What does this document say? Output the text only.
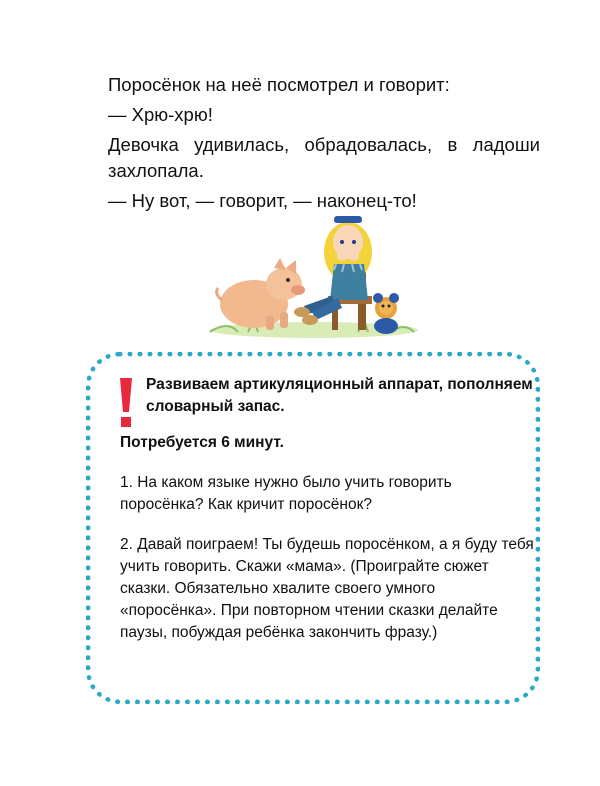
Поросёнок на неё посмотрел и говорит:

— Хрю-хрю!

Девочка удивилась, обрадовалась, в ладоши захлопала.

— Ну вот, — говорит, — наконец-то!

Развиваем артикуляционный аппарат, пополняем словарный запас.

Потребуется 6 минут.

1. На каком языке нужно было учить говорить поросёнка? Как кричит поросёнок?

2. Давай поиграем! Ты будешь поросёнком, а я буду тебя учить говорить. Скажи «мама». (Проиграйте сюжет сказки. Обязательно хвалите своего умного «поросёнка». При повторном чтении сказки делайте паузы, побуждая ребёнка закончить фразу.)
